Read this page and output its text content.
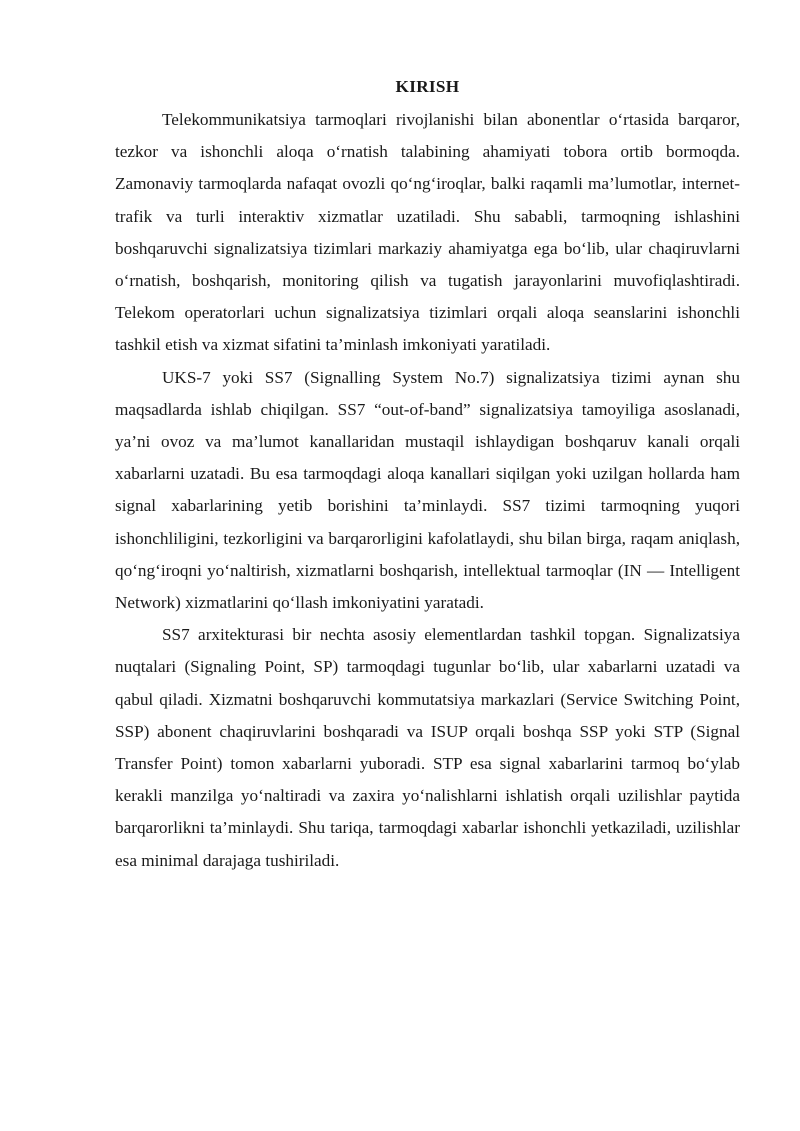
KIRISH

Telekommunikatsiya tarmoqlari rivojlanishi bilan abonentlar o‘rtasida barqaror, tezkor va ishonchli aloqa o‘rnatish talabining ahamiyati tobora ortib bormoqda. Zamonaviy tarmoqlarda nafaqat ovozli qo‘ng‘iroqlar, balki raqamli ma’lumotlar, internet-trafik va turli interaktiv xizmatlar uzatiladi. Shu sababli, tarmoqning ishlashini boshqaruvchi signalizatsiya tizimlari markaziy ahamiyatga ega bo‘lib, ular chaqiruvlarni o‘rnatish, boshqarish, monitoring qilish va tugatish jarayonlarini muvofiqlashtiradi. Telekom operatorlari uchun signalizatsiya tizimlari orqali aloqa seanslarini ishonchli tashkil etish va xizmat sifatini ta’minlash imkoniyati yaratiladi.

UKS-7 yoki SS7 (Signalling System No.7) signalizatsiya tizimi aynan shu maqsadlarda ishlab chiqilgan. SS7 “out-of-band” signalizatsiya tamoyiliga asoslanadi, ya’ni ovoz va ma’lumot kanallaridan mustaqil ishlaydigan boshqaruv kanali orqali xabarlarni uzatadi. Bu esa tarmoqdagi aloqa kanallari siqilgan yoki uzilgan hollarda ham signal xabarlarining yetib borishini ta’minlaydi. SS7 tizimi tarmoqning yuqori ishonchliligini, tezkorligini va barqarorligini kafolatlaydi, shu bilan birga, raqam aniqlash, qo‘ng‘iroqni yo‘naltirish, xizmatlarni boshqarish, intellektual tarmoqlar (IN — Intelligent Network) xizmatlarini qo‘llash imkoniyatini yaratadi.

SS7 arxitekturasi bir nechta asosiy elementlardan tashkil topgan. Signalizatsiya nuqtalari (Signaling Point, SP) tarmoqdagi tugunlar bo‘lib, ular xabarlarni uzatadi va qabul qiladi. Xizmatni boshqaruvchi kommutatsiya markazlari (Service Switching Point, SSP) abonent chaqiruvlarini boshqaradi va ISUP orqali boshqa SSP yoki STP (Signal Transfer Point) tomon xabarlarni yuboradi. STP esa signal xabarlarini tarmoq bo‘ylab kerakli manzilga yo‘naltiradi va zaxira yo‘nalishlarni ishlatish orqali uzilishlar paytida barqarorlikni ta’minlaydi. Shu tariqa, tarmoqdagi xabarlar ishonchli yetkaziladi, uzilishlar esa minimal darajaga tushiriladi.
